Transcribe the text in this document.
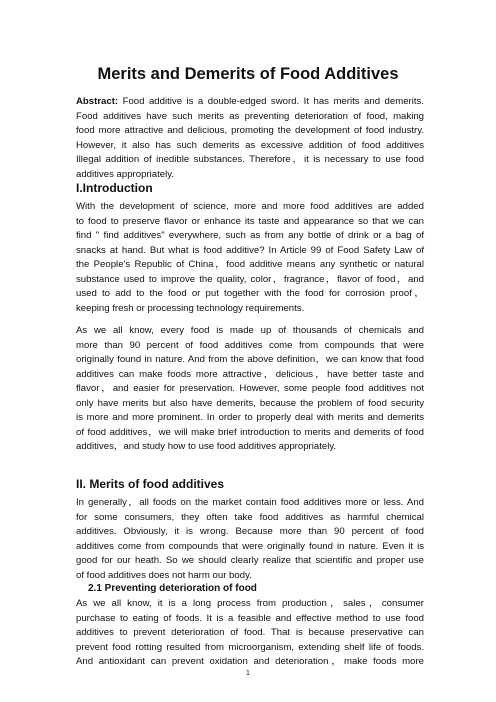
Merits and Demerits of Food Additives
Abstract: Food additive is a double-edged sword. It has merits and demerits.
Food additives have such merits as preventing deterioration of food, making
food more attractive and delicious, promoting the development of food industry.
However, it also has such demerits as excessive addition of food additives
Illegal addition of inedible substances. Therefore，it is necessary to use food
additives appropriately.
I.Introduction
With the development of science, more and more food additives are added
to food to preserve flavor or enhance its taste and appearance so that we can
find " find additives" everywhere, such as from any bottle of drink or a bag of
snacks at hand. But what is food additive? In Article 99 of Food Safety Law of
the People's Republic of China，food additive means any synthetic or natural
substance used to improve the quality, color，fragrance，flavor of food，and
used to add to the food or put together with the food for corrosion proof，
keeping fresh or processing technology requirements.
As we all know, every food is made up of thousands of chemicals and
more than 90 percent of food additives come from compounds that were
originally found in nature. And from the above definition，we can know that food
additives can make foods more attractive，delicious，have better taste and
flavor，and easier for preservation. However, some people food additives not
only have merits but also have demerits, because the problem of food security
is more and more prominent. In order to properly deal with merits and demerits
of food additives，we will make brief introduction to merits and demerits of food
additives，and study how to use food additives appropriately.
II. Merits of food additives
In generally，all foods on the market contain food additives more or less. And
for some consumers, they often take food additives as harmful chemical
additives. Obviously, it is wrong. Because more than 90 percent of food
additives come from compounds that were originally found in nature. Even it is
good for our heath. So we should clearly realize that scientific and proper use
of food additives does not harm our body.
2.1 Preventing deterioration of food
As we all know, it is a long process from production，sales，consumer
purchase to eating of foods. It is a feasible and effective method to use food
additives to prevent deterioration of food. That is because preservative can
prevent food rotting resulted from microorganism, extending shelf life of foods.
And antioxidant can prevent oxidation and deterioration，make foods more
1
